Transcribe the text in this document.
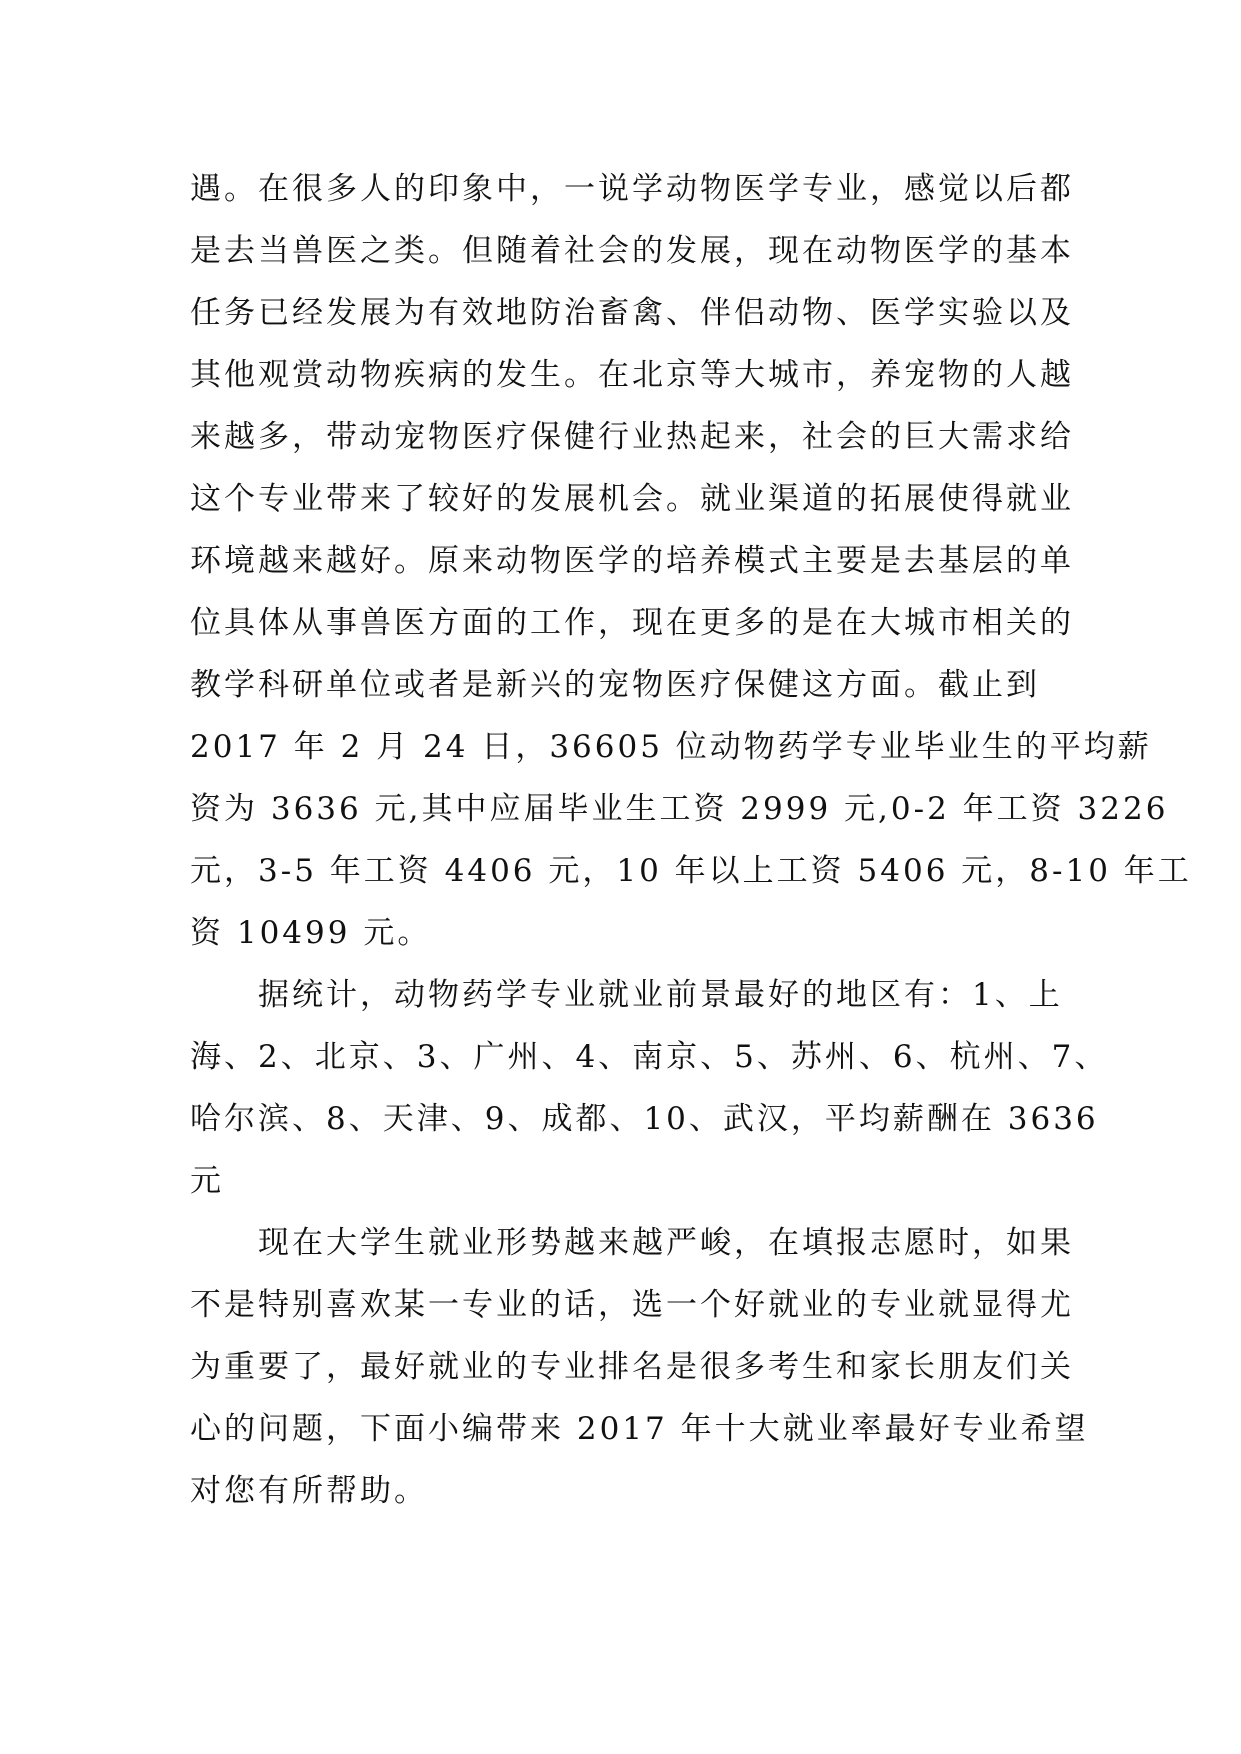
遇。在很多人的印象中，一说学动物医学专业，感觉以后都
是去当兽医之类。但随着社会的发展，现在动物医学的基本
任务已经发展为有效地防治畜禽、伴侣动物、医学实验以及
其他观赏动物疾病的发生。在北京等大城市，养宠物的人越
来越多，带动宠物医疗保健行业热起来，社会的巨大需求给
这个专业带来了较好的发展机会。就业渠道的拓展使得就业
环境越来越好。原来动物医学的培养模式主要是去基层的单
位具体从事兽医方面的工作，现在更多的是在大城市相关的
教学科研单位或者是新兴的宠物医疗保健这方面。截止到
2017 年 2 月 24 日，36605 位动物药学专业毕业生的平均薪
资为 3636 元,其中应届毕业生工资 2999 元,0-2 年工资 3226
元，3-5 年工资 4406 元，10 年以上工资 5406 元，8-10 年工
资 10499 元。
　　据统计，动物药学专业就业前景最好的地区有：1、上
海、2、北京、3、广州、4、南京、5、苏州、6、杭州、7、
哈尔滨、8、天津、9、成都、10、武汉，平均薪酬在 3636
元
　　现在大学生就业形势越来越严峻，在填报志愿时，如果
不是特别喜欢某一专业的话，选一个好就业的专业就显得尤
为重要了，最好就业的专业排名是很多考生和家长朋友们关
心的问题，下面小编带来 2017 年十大就业率最好专业希望
对您有所帮助。
